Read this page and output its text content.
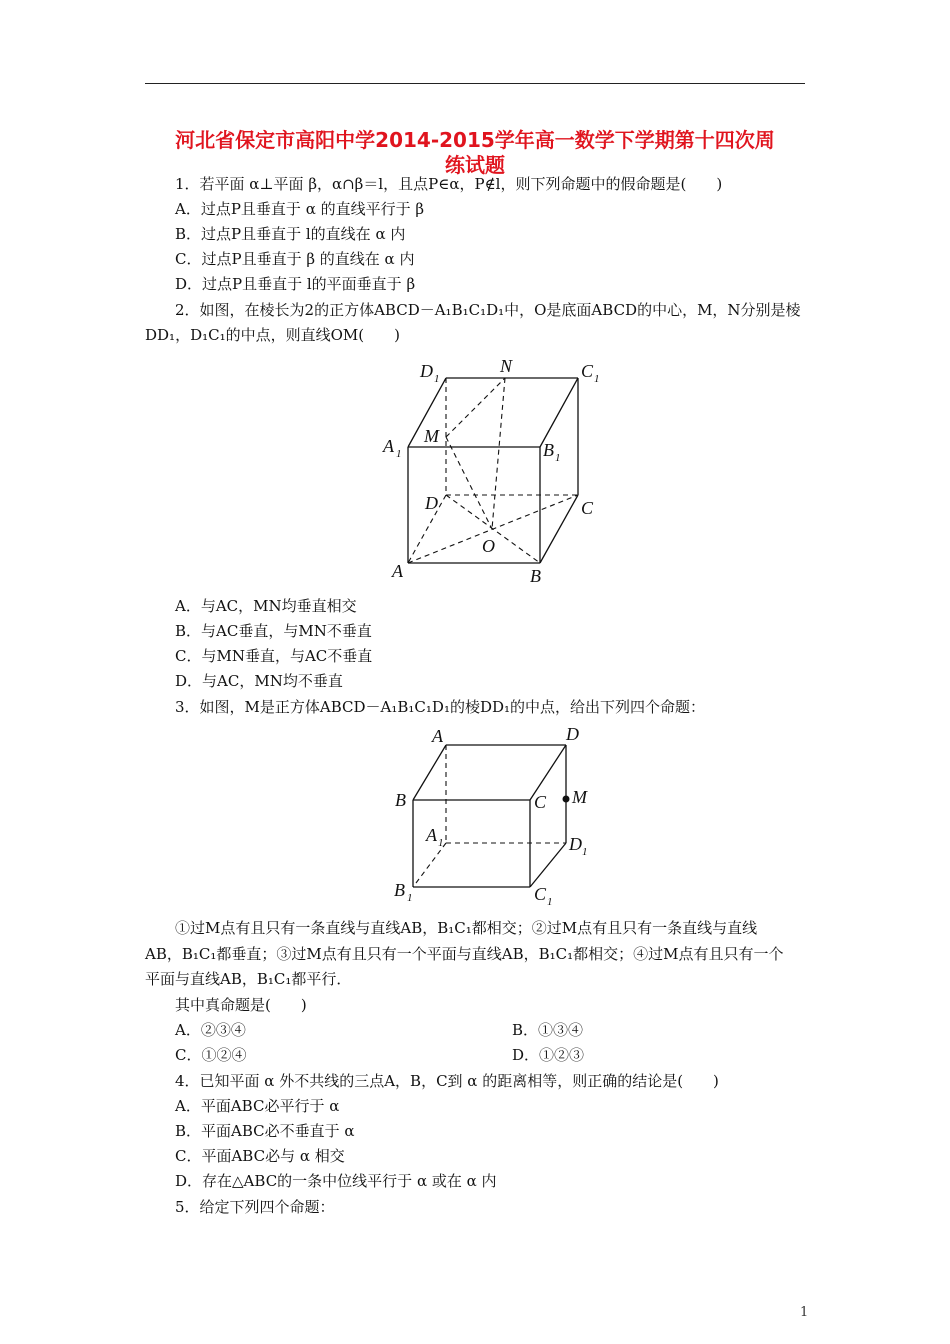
河北省保定市高阳中学2014-2015学年高一数学下学期第十四次周
练试题
1．若平面 α⊥平面 β，α∩β＝l，且点P∈α，P∉l，则下列命题中的假命题是(　　)
A．过点P且垂直于 α 的直线平行于 β
B．过点P且垂直于 l的直线在 α 内
C．过点P且垂直于 β 的直线在 α 内
D．过点P且垂直于 l的平面垂直于 β
2．如图，在棱长为2的正方体ABCD－A₁B₁C₁D₁中，O是底面ABCD的中心，M，N分别是棱
DD₁，D₁C₁的中点，则直线OM(　　)
D 1
N	C 1
M
A 1	B 1
D	C
O
A	B
A．与AC，MN均垂直相交
B．与AC垂直，与MN不垂直
C．与MN垂直，与AC不垂直
D．与AC，MN均不垂直
3．如图，M是正方体ABCD－A₁B₁C₁D₁的棱DD₁的中点，给出下列四个命题：
A	D
B	C M
A 1	D 1
B 1	C 1
①过M点有且只有一条直线与直线AB，B₁C₁都相交；②过M点有且只有一条直线与直线
AB，B₁C₁都垂直；③过M点有且只有一个平面与直线AB，B₁C₁都相交；④过M点有且只有一个
平面与直线AB，B₁C₁都平行．
其中真命题是(　　)
A．②③④	B．①③④
C．①②④	D．①②③
4．已知平面 α 外不共线的三点A，B，C到 α 的距离相等，则正确的结论是(　　)
A．平面ABC必平行于 α
B．平面ABC必不垂直于 α
C．平面ABC必与 α 相交
D．存在△ABC的一条中位线平行于 α 或在 α 内
5．给定下列四个命题：
1
